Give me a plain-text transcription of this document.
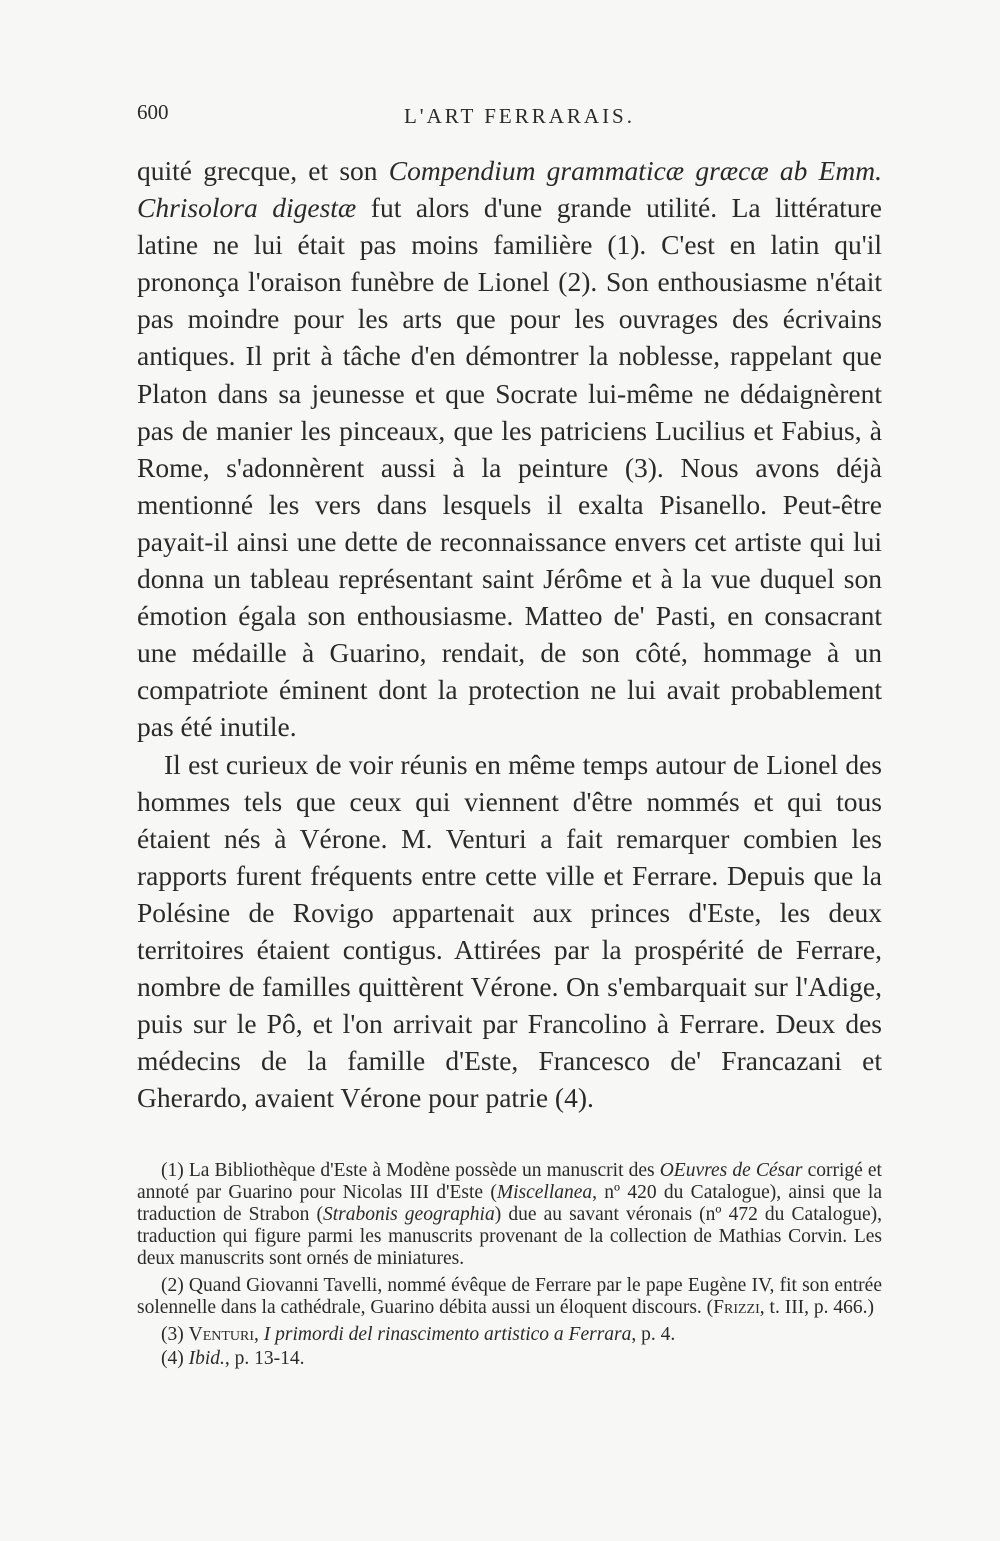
600	L'ART FERRARAIS.

quité grecque, et son Compendium grammaticæ græcæ ab Emm. Chrisolora digestæ fut alors d'une grande utilité. La littérature latine ne lui était pas moins familière (1). C'est en latin qu'il prononça l'oraison funèbre de Lionel (2). Son enthousiasme n'était pas moindre pour les arts que pour les ouvrages des écrivains antiques. Il prit à tâche d'en démontrer la noblesse, rappelant que Platon dans sa jeunesse et que Socrate lui-même ne dédaignèrent pas de manier les pinceaux, que les patriciens Lucilius et Fabius, à Rome, s'adonnèrent aussi à la peinture (3). Nous avons déjà mentionné les vers dans lesquels il exalta Pisanello. Peut-être payait-il ainsi une dette de reconnaissance envers cet artiste qui lui donna un tableau représentant saint Jérôme et à la vue duquel son émotion égala son enthousiasme. Matteo de' Pasti, en consacrant une médaille à Guarino, rendait, de son côté, hommage à un compatriote éminent dont la protection ne lui avait probablement pas été inutile.

Il est curieux de voir réunis en même temps autour de Lionel des hommes tels que ceux qui viennent d'être nommés et qui tous étaient nés à Vérone. M. Venturi a fait remarquer combien les rapports furent fréquents entre cette ville et Ferrare. Depuis que la Polésine de Rovigo appartenait aux princes d'Este, les deux territoires étaient contigus. Attirées par la prospérité de Ferrare, nombre de familles quittèrent Vérone. On s'embarquait sur l'Adige, puis sur le Pô, et l'on arrivait par Francolino à Ferrare. Deux des médecins de la famille d'Este, Francesco de' Francazani et Gherardo, avaient Vérone pour patrie (4).

(1) La Bibliothèque d'Este à Modène possède un manuscrit des OEuvres de César corrigé et annoté par Guarino pour Nicolas III d'Este (Miscellanea, nº 420 du Catalogue), ainsi que la traduction de Strabon (Strabonis geographia) due au savant véronais (nº 472 du Catalogue), traduction qui figure parmi les manuscrits provenant de la collection de Mathias Corvin. Les deux manuscrits sont ornés de miniatures.

(2) Quand Giovanni Tavelli, nommé évêque de Ferrare par le pape Eugène IV, fit son entrée solennelle dans la cathédrale, Guarino débita aussi un éloquent discours. (Frizzi, t. III, p. 466.)

(3) Venturi, I primordi del rinascimento artistico a Ferrara, p. 4.

(4) Ibid., p. 13-14.
